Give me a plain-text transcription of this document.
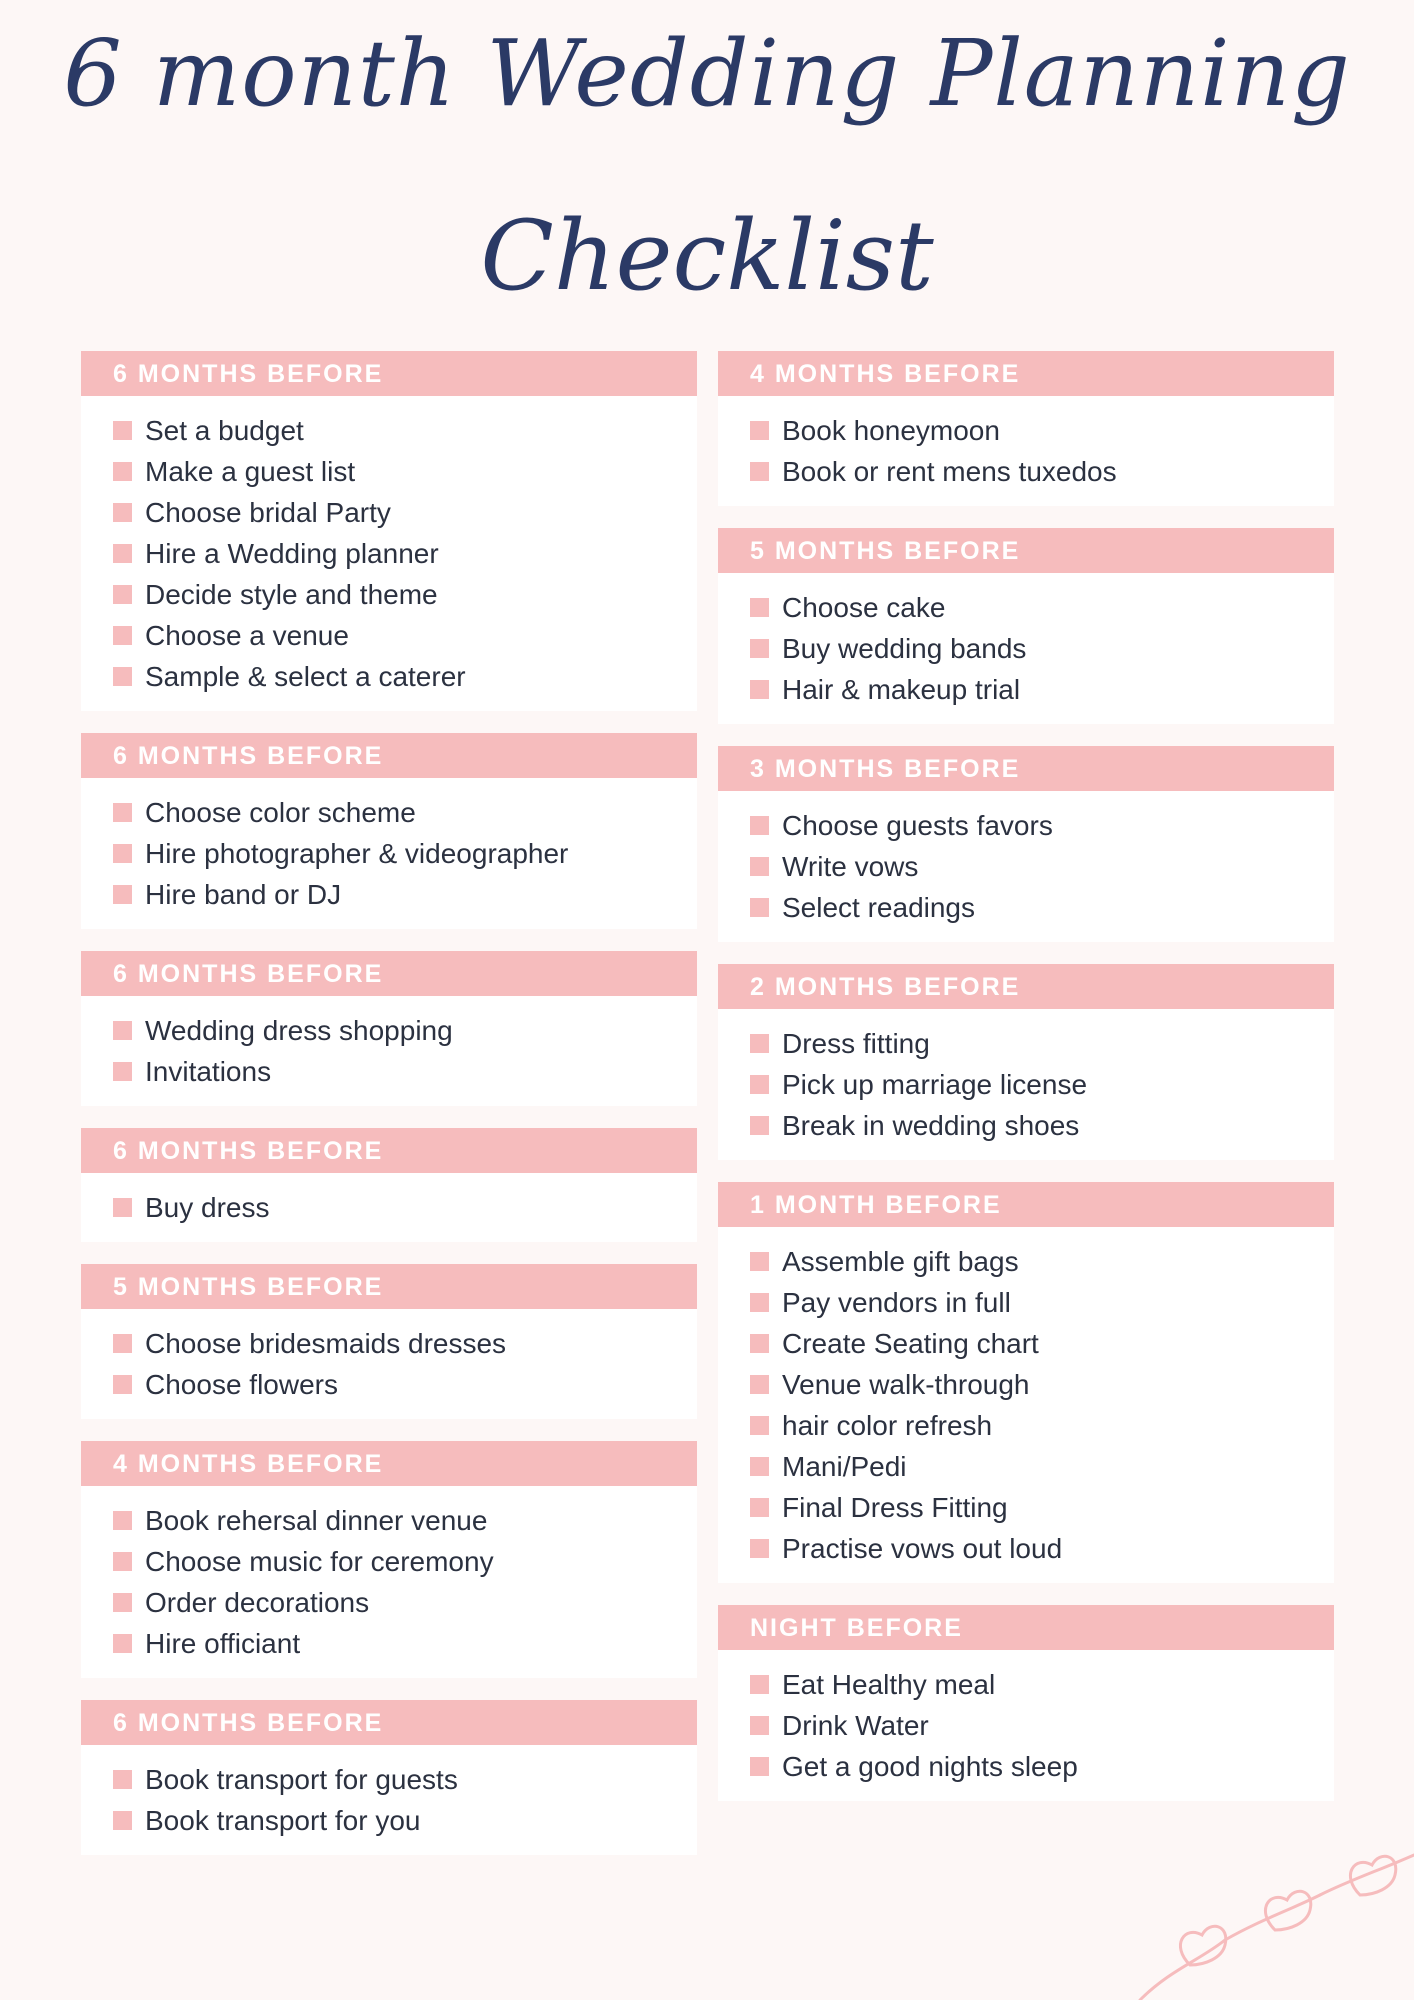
6 month Wedding Planning
Checklist
6 MONTHS BEFORE
Set a budget
Make a guest list
Choose bridal Party
Hire a Wedding planner
Decide style and theme
Choose a venue
Sample & select a caterer
6 MONTHS BEFORE
Choose color scheme
Hire photographer & videographer
Hire band or DJ
6 MONTHS BEFORE
Wedding dress shopping
Invitations
6 MONTHS BEFORE
Buy dress
5 MONTHS BEFORE
Choose bridesmaids dresses
Choose flowers
4 MONTHS BEFORE
Book rehersal dinner venue
Choose music for ceremony
Order decorations
Hire officiant
6 MONTHS BEFORE
Book transport for guests
Book transport for you
4 MONTHS BEFORE
Book honeymoon
Book or rent mens tuxedos
5 MONTHS BEFORE
Choose cake
Buy wedding bands
Hair & makeup trial
3 MONTHS BEFORE
Choose guests favors
Write vows
Select readings
2 MONTHS BEFORE
Dress fitting
Pick up marriage license
Break in wedding shoes
1 MONTH BEFORE
Assemble gift bags
Pay vendors in full
Create Seating chart
Venue walk-through
hair color refresh
Mani/Pedi
Final Dress Fitting
Practise vows out loud
NIGHT BEFORE
Eat Healthy meal
Drink Water
Get a good nights sleep
